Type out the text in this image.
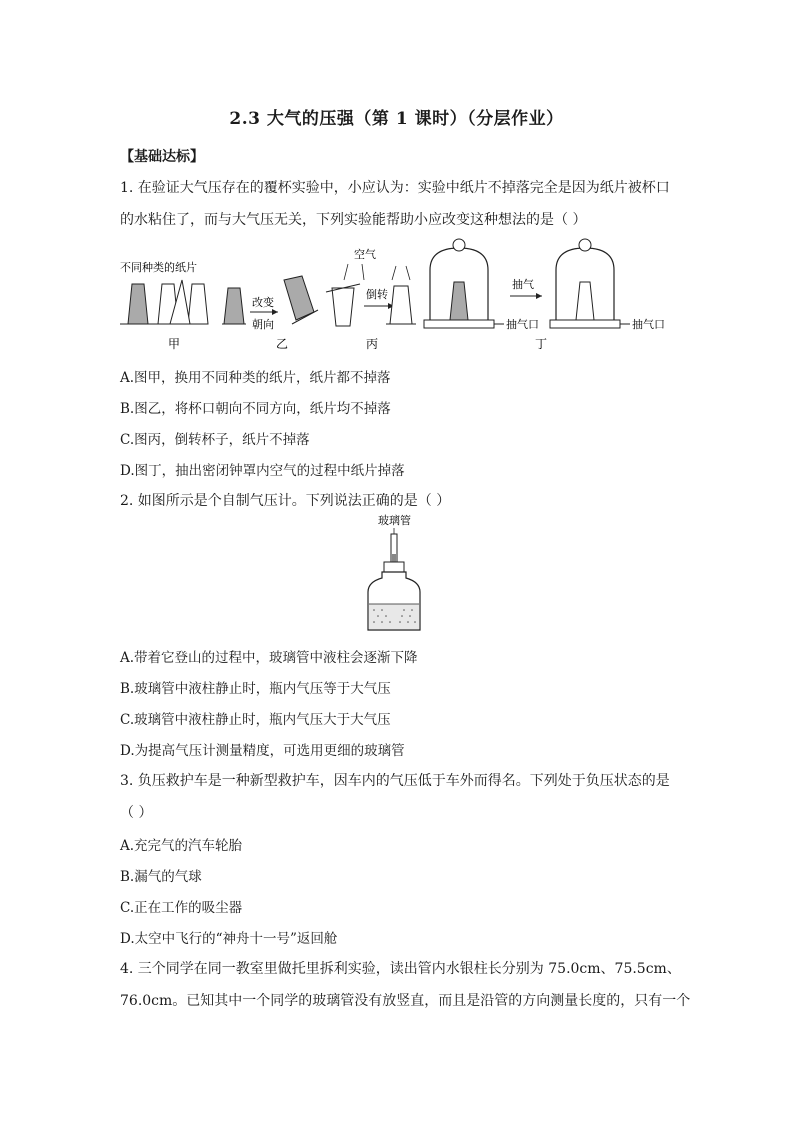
2.3 大气的压强（第 1 课时）（分层作业）
【基础达标】
1. 在验证大气压存在的覆杯实验中，小应认为：实验中纸片不掉落完全是因为纸片被杯口
的水粘住了，而与大气压无关，下列实验能帮助小应改变这种想法的是（ ）
不同种类的纸片
甲
改变
朝向
乙
空气
倒转
丙
抽气口
抽气
抽气口
丁
A.图甲，换用不同种类的纸片，纸片都不掉落
B.图乙，将杯口朝向不同方向，纸片均不掉落
C.图丙，倒转杯子，纸片不掉落
D.图丁，抽出密闭钟罩内空气的过程中纸片掉落
2. 如图所示是个自制气压计。下列说法正确的是（ ）
玻璃管
A.带着它登山的过程中，玻璃管中液柱会逐渐下降
B.玻璃管中液柱静止时，瓶内气压等于大气压
C.玻璃管中液柱静止时，瓶内气压大于大气压
D.为提高气压计测量精度，可选用更细的玻璃管
3. 负压救护车是一种新型救护车，因车内的气压低于车外而得名。下列处于负压状态的是
（ ）
A.充完气的汽车轮胎
B.漏气的气球
C.正在工作的吸尘器
D.太空中飞行的“神舟十一号”返回舱
4. 三个同学在同一教室里做托里拆利实验，读出管内水银柱长分别为 75.0cm、75.5cm、
76.0cm。已知其中一个同学的玻璃管没有放竖直，而且是沿管的方向测量长度的，只有一个
